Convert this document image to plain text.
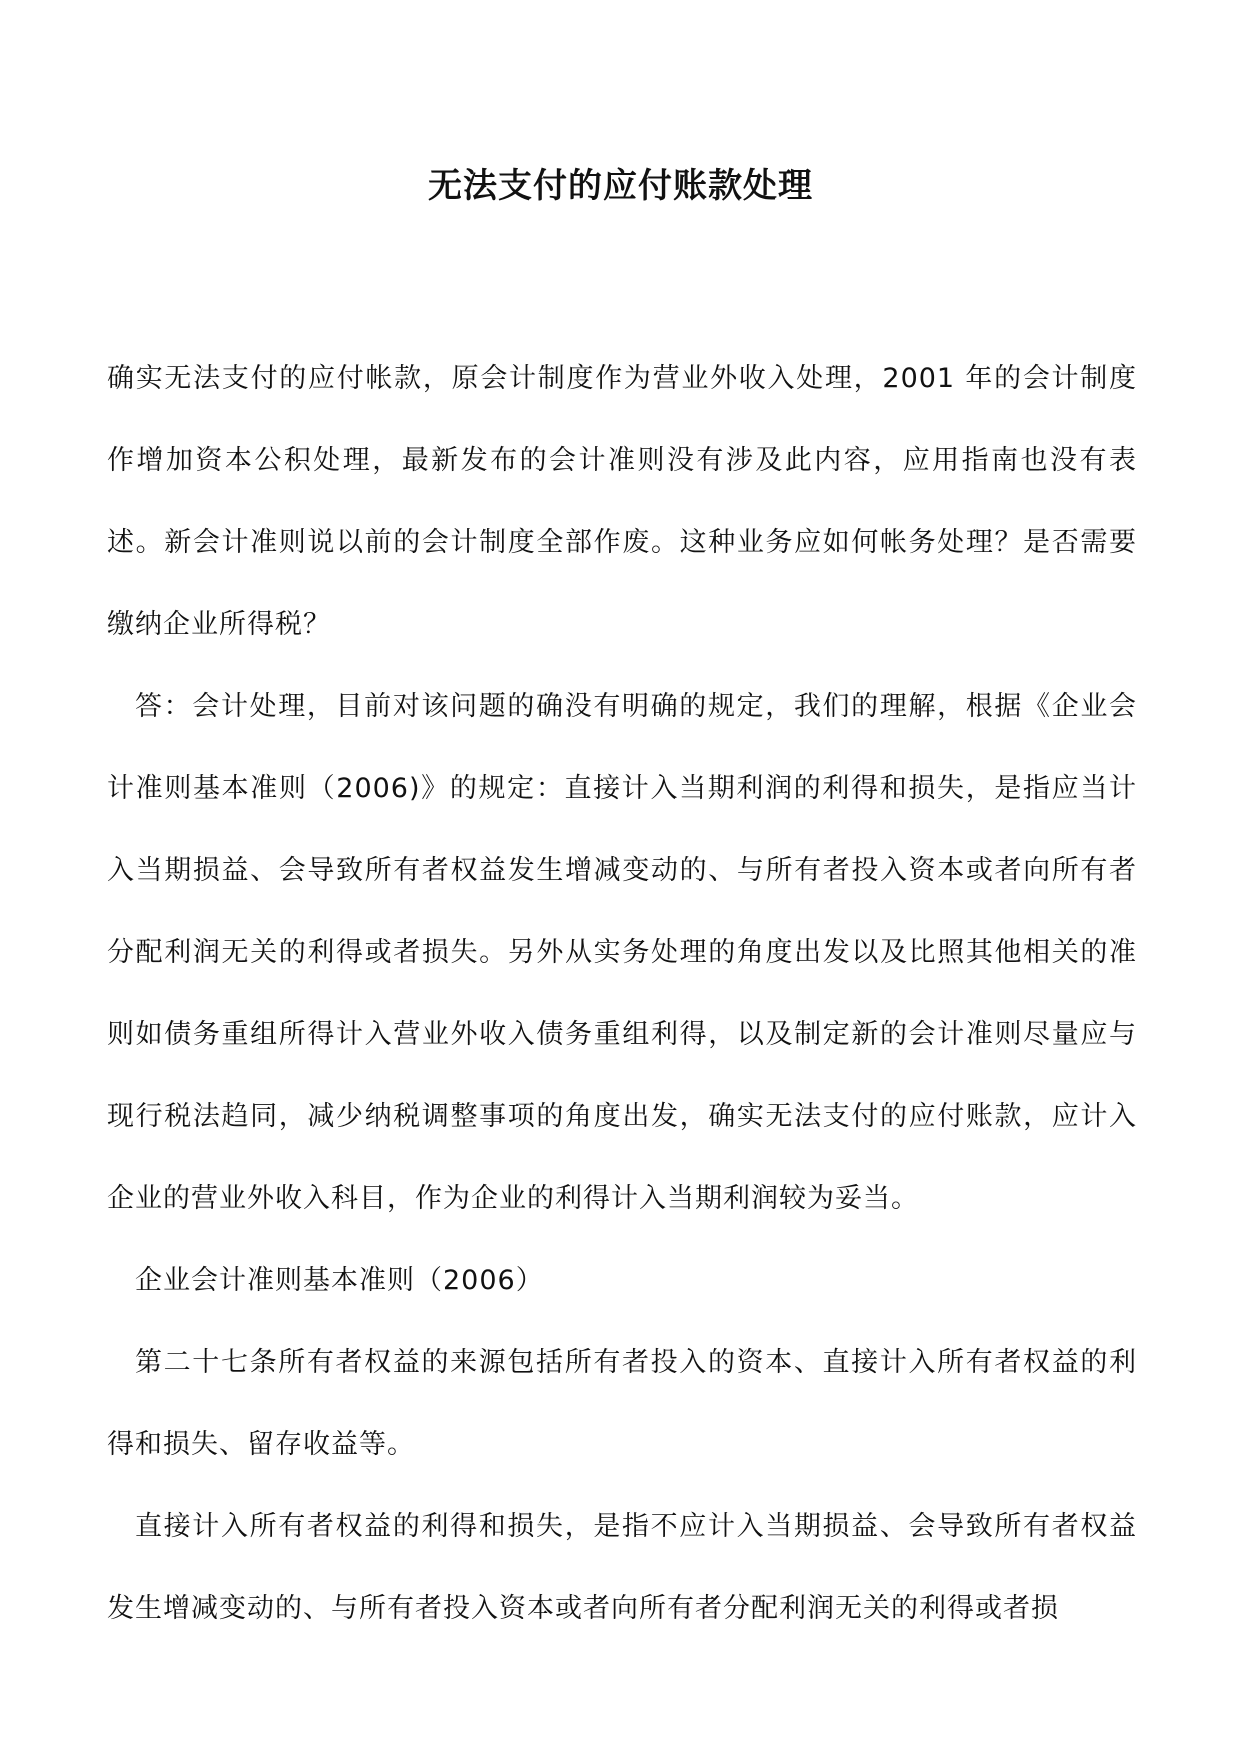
无法支付的应付账款处理

确实无法支付的应付帐款，原会计制度作为营业外收入处理，2001 年的会计制度作增加资本公积处理，最新发布的会计准则没有涉及此内容，应用指南也没有表述。新会计准则说以前的会计制度全部作废。这种业务应如何帐务处理？是否需要缴纳企业所得税？

答：会计处理，目前对该问题的确没有明确的规定，我们的理解，根据《企业会计准则基本准则（2006)》的规定：直接计入当期利润的利得和损失，是指应当计入当期损益、会导致所有者权益发生增减变动的、与所有者投入资本或者向所有者分配利润无关的利得或者损失。另外从实务处理的角度出发以及比照其他相关的准则如债务重组所得计入营业外收入债务重组利得，以及制定新的会计准则尽量应与现行税法趋同，减少纳税调整事项的角度出发，确实无法支付的应付账款，应计入企业的营业外收入科目，作为企业的利得计入当期利润较为妥当。

企业会计准则基本准则（2006）

第二十七条所有者权益的来源包括所有者投入的资本、直接计入所有者权益的利得和损失、留存收益等。

直接计入所有者权益的利得和损失，是指不应计入当期损益、会导致所有者权益发生增减变动的、与所有者投入资本或者向所有者分配利润无关的利得或者损
